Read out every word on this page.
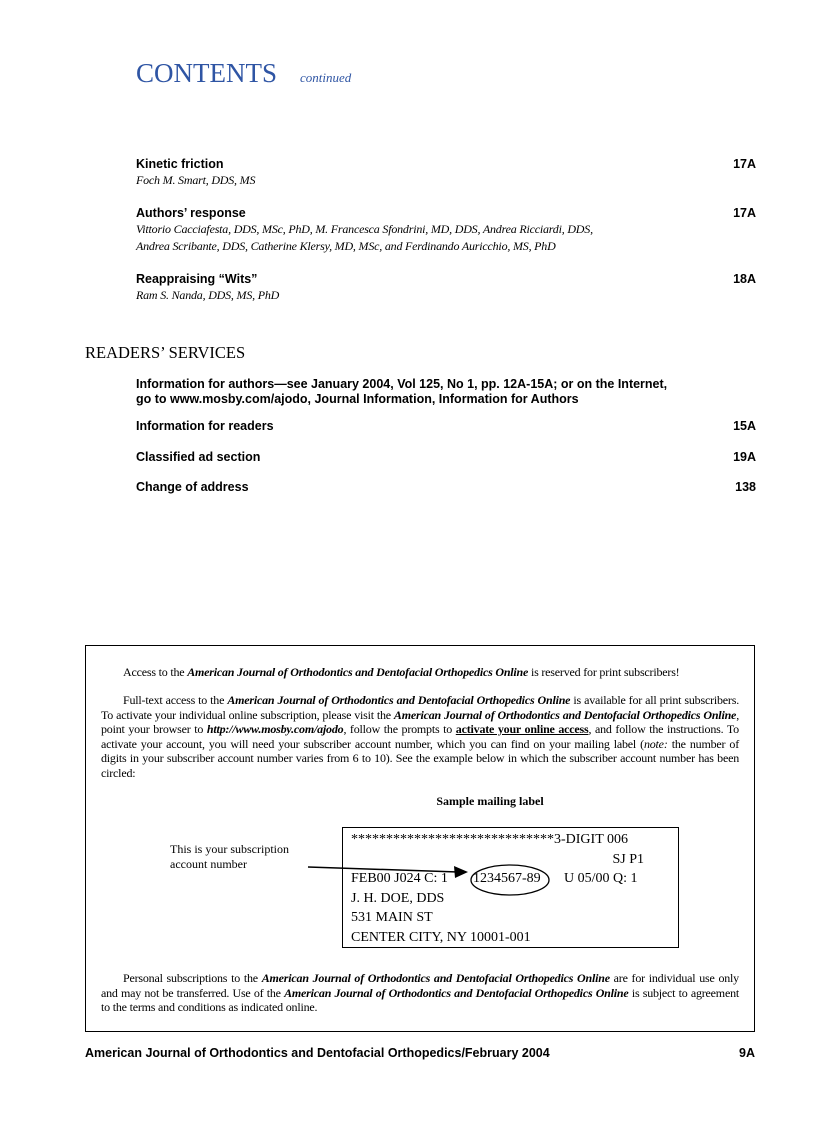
CONTENTS continued
Kinetic friction	17A
Foch M. Smart, DDS, MS
Authors’ response	17A
Vittorio Cacciafesta, DDS, MSc, PhD, M. Francesca Sfondrini, MD, DDS, Andrea Ricciardi, DDS,
Andrea Scribante, DDS, Catherine Klersy, MD, MSc, and Ferdinando Auricchio, MS, PhD
Reappraising “Wits”	18A
Ram S. Nanda, DDS, MS, PhD
READERS’ SERVICES
Information for authors—see January 2004, Vol 125, No 1, pp. 12A-15A; or on the Internet,
go to www.mosby.com/ajodo, Journal Information, Information for Authors
Information for readers	15A
Classified ad section	19A
Change of address	138
Access to the American Journal of Orthodontics and Dentofacial Orthopedics Online is reserved for print subscribers!
Full-text access to the American Journal of Orthodontics and Dentofacial Orthopedics Online is available for all print subscribers. To activate your individual online subscription, please visit the American Journal of Orthodontics and Dentofacial Orthopedics Online, point your browser to http://www.mosby.com/ajodo, follow the prompts to activate your online access, and follow the instructions. To activate your account, you will need your subscriber account number, which you can find on your mailing label (note: the number of digits in your subscriber account number varies from 6 to 10). See the example below in which the subscriber account number has been circled:
Sample mailing label
This is your subscription
account number
*****************************3-DIGIT 006
SJ P1
FEB00 J024 C: 1 1234567-89 U 05/00 Q: 1
J. H. DOE, DDS
531 MAIN ST
CENTER CITY, NY 10001-001
Personal subscriptions to the American Journal of Orthodontics and Dentofacial Orthopedics Online are for individual use only and may not be transferred. Use of the American Journal of Orthodontics and Dentofacial Orthopedics Online is subject to agreement to the terms and conditions as indicated online.
American Journal of Orthodontics and Dentofacial Orthopedics/February 2004	9A
